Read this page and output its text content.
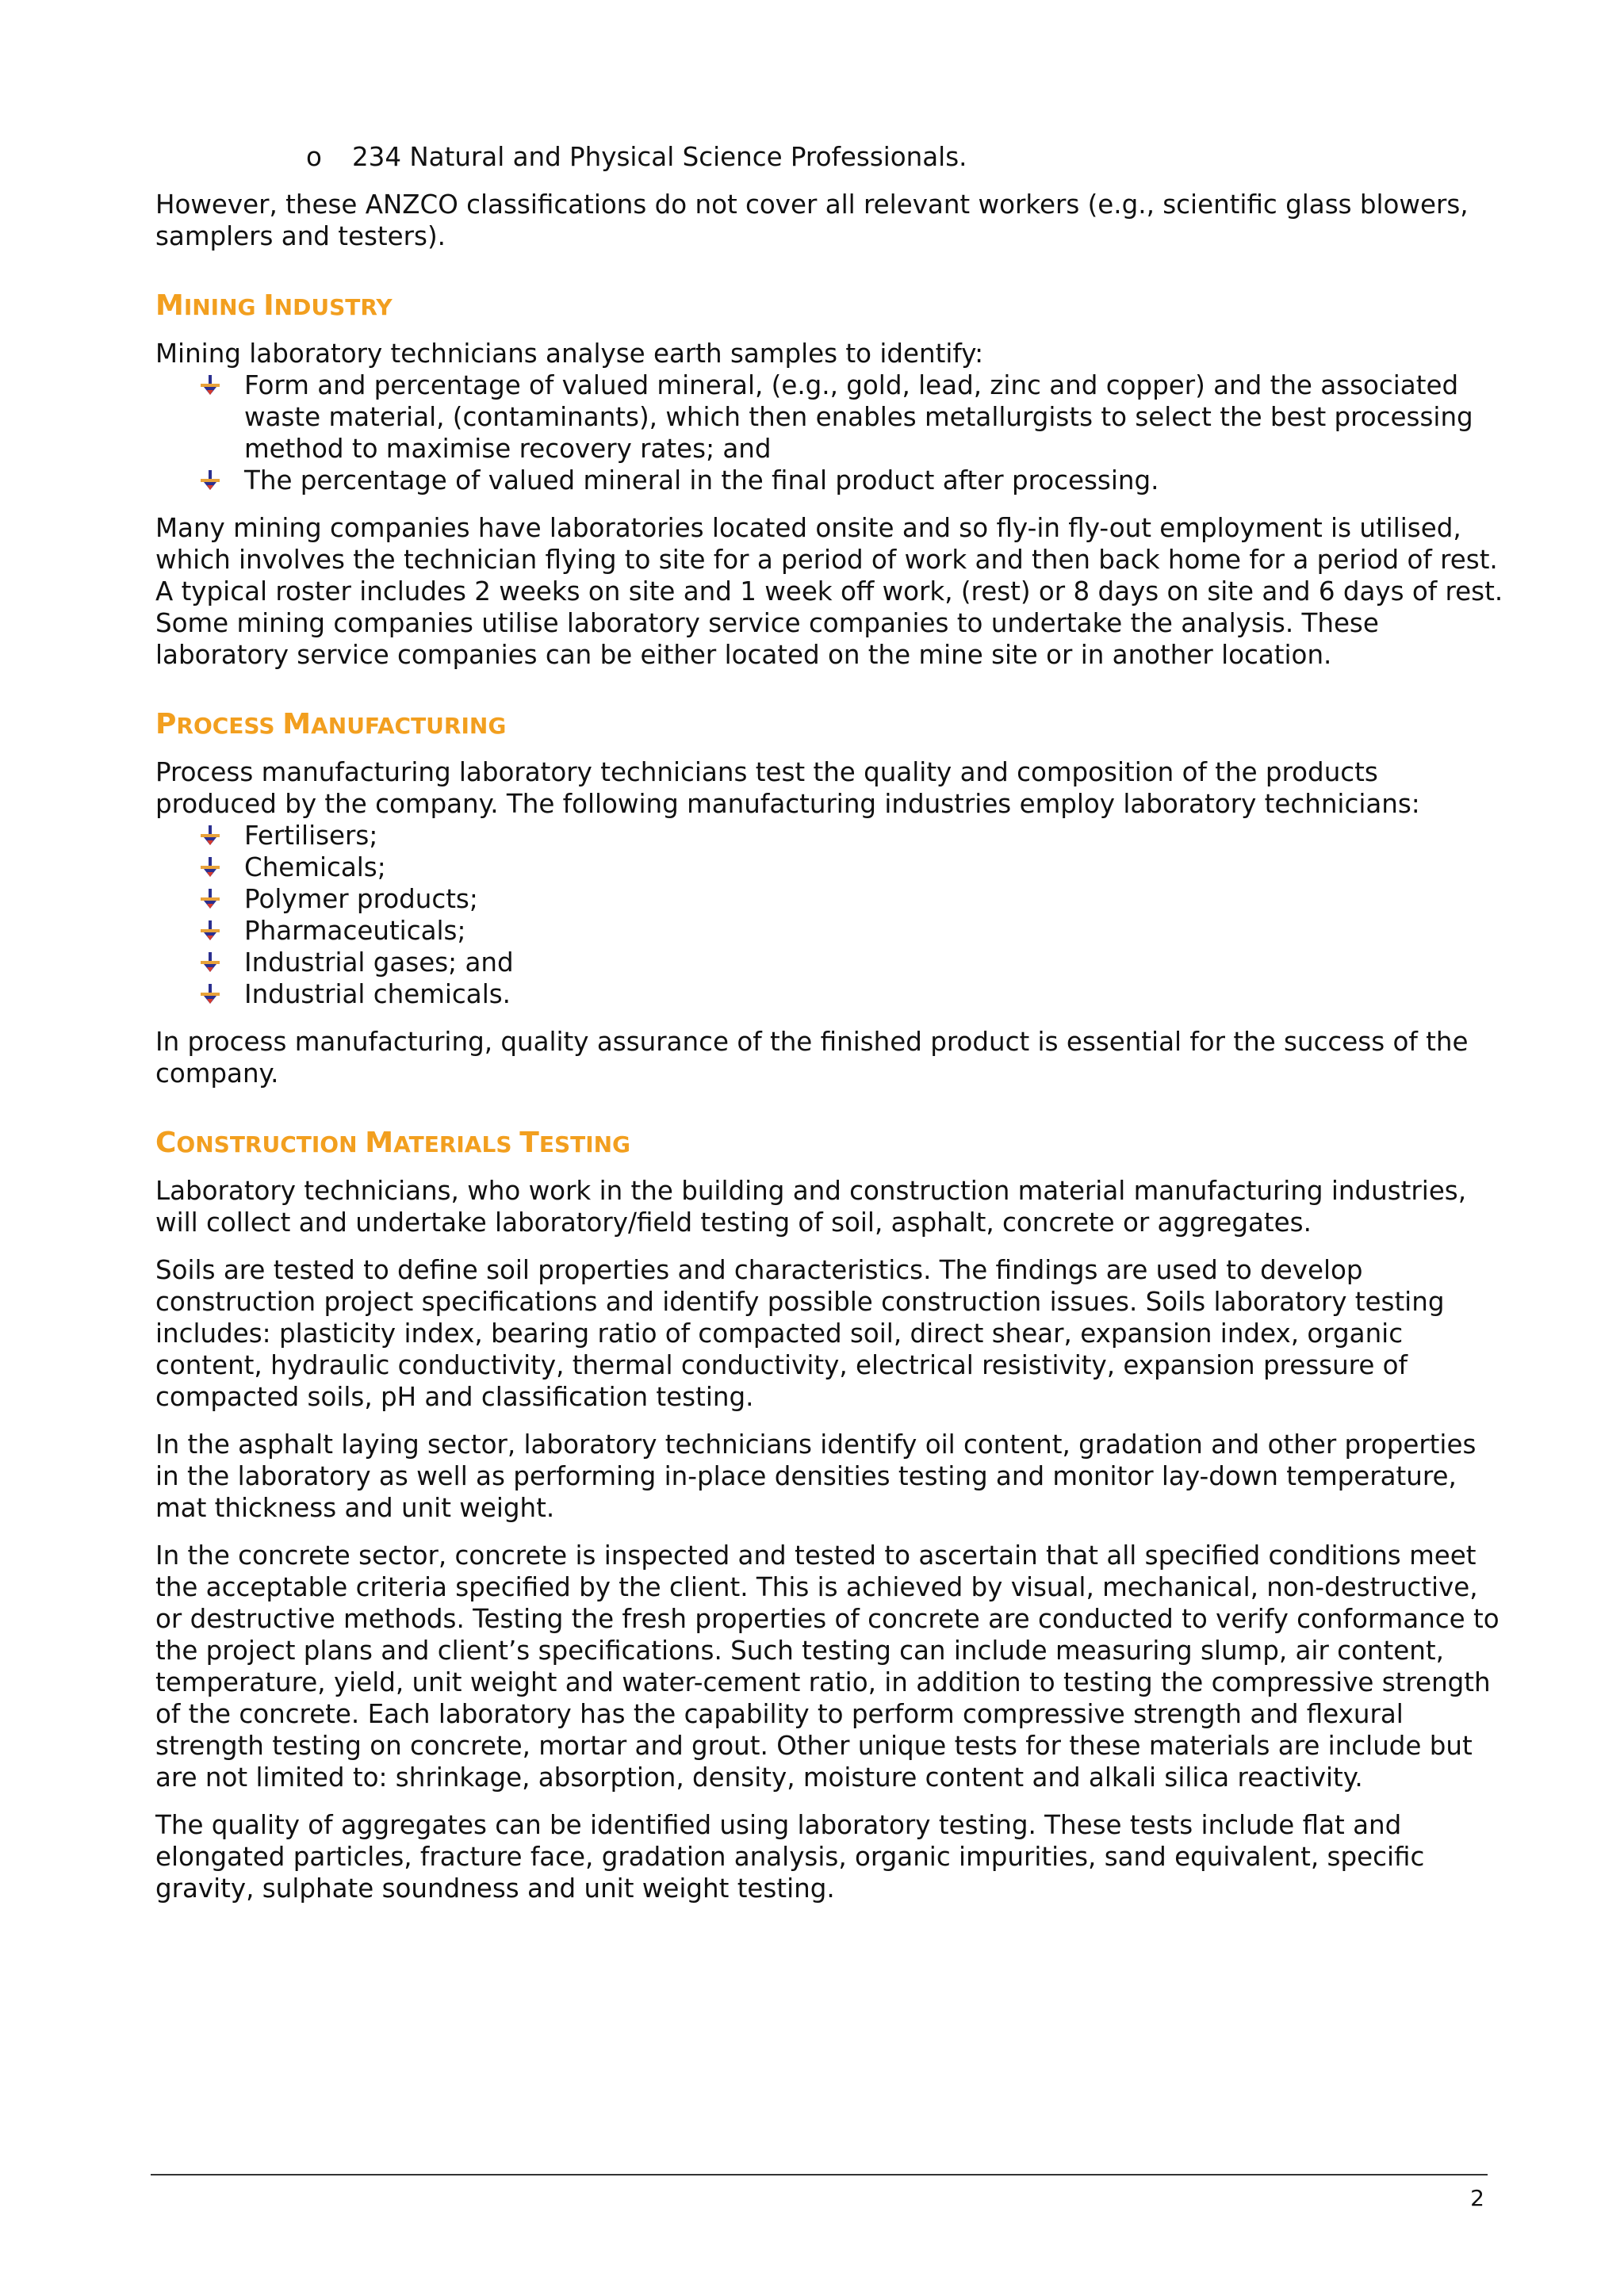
o 234 Natural and Physical Science Professionals.

However, these ANZCO classifications do not cover all relevant workers (e.g., scientific glass blowers, samplers and testers).

MINING INDUSTRY

Mining laboratory technicians analyse earth samples to identify:

Form and percentage of valued mineral, (e.g., gold, lead, zinc and copper) and the associated waste material, (contaminants), which then enables metallurgists to select the best processing method to maximise recovery rates; and
The percentage of valued mineral in the final product after processing.

Many mining companies have laboratories located onsite and so fly-in fly-out employment is utilised, which involves the technician flying to site for a period of work and then back home for a period of rest. A typical roster includes 2 weeks on site and 1 week off work, (rest) or 8 days on site and 6 days of rest. Some mining companies utilise laboratory service companies to undertake the analysis. These laboratory service companies can be either located on the mine site or in another location.

PROCESS MANUFACTURING

Process manufacturing laboratory technicians test the quality and composition of the products produced by the company. The following manufacturing industries employ laboratory technicians:

Fertilisers;
Chemicals;
Polymer products;
Pharmaceuticals;
Industrial gases; and
Industrial chemicals.

In process manufacturing, quality assurance of the finished product is essential for the success of the company.

CONSTRUCTION MATERIALS TESTING

Laboratory technicians, who work in the building and construction material manufacturing industries, will collect and undertake laboratory/field testing of soil, asphalt, concrete or aggregates.

Soils are tested to define soil properties and characteristics. The findings are used to develop construction project specifications and identify possible construction issues. Soils laboratory testing includes: plasticity index, bearing ratio of compacted soil, direct shear, expansion index, organic content, hydraulic conductivity, thermal conductivity, electrical resistivity, expansion pressure of compacted soils, pH and classification testing.

In the asphalt laying sector, laboratory technicians identify oil content, gradation and other properties in the laboratory as well as performing in-place densities testing and monitor lay-down temperature, mat thickness and unit weight.

In the concrete sector, concrete is inspected and tested to ascertain that all specified conditions meet the acceptable criteria specified by the client. This is achieved by visual, mechanical, non-destructive, or destructive methods. Testing the fresh properties of concrete are conducted to verify conformance to the project plans and client’s specifications. Such testing can include measuring slump, air content, temperature, yield, unit weight and water-cement ratio, in addition to testing the compressive strength of the concrete. Each laboratory has the capability to perform compressive strength and flexural strength testing on concrete, mortar and grout. Other unique tests for these materials are include but are not limited to: shrinkage, absorption, density, moisture content and alkali silica reactivity.

The quality of aggregates can be identified using laboratory testing. These tests include flat and elongated particles, fracture face, gradation analysis, organic impurities, sand equivalent, specific gravity, sulphate soundness and unit weight testing.

2
